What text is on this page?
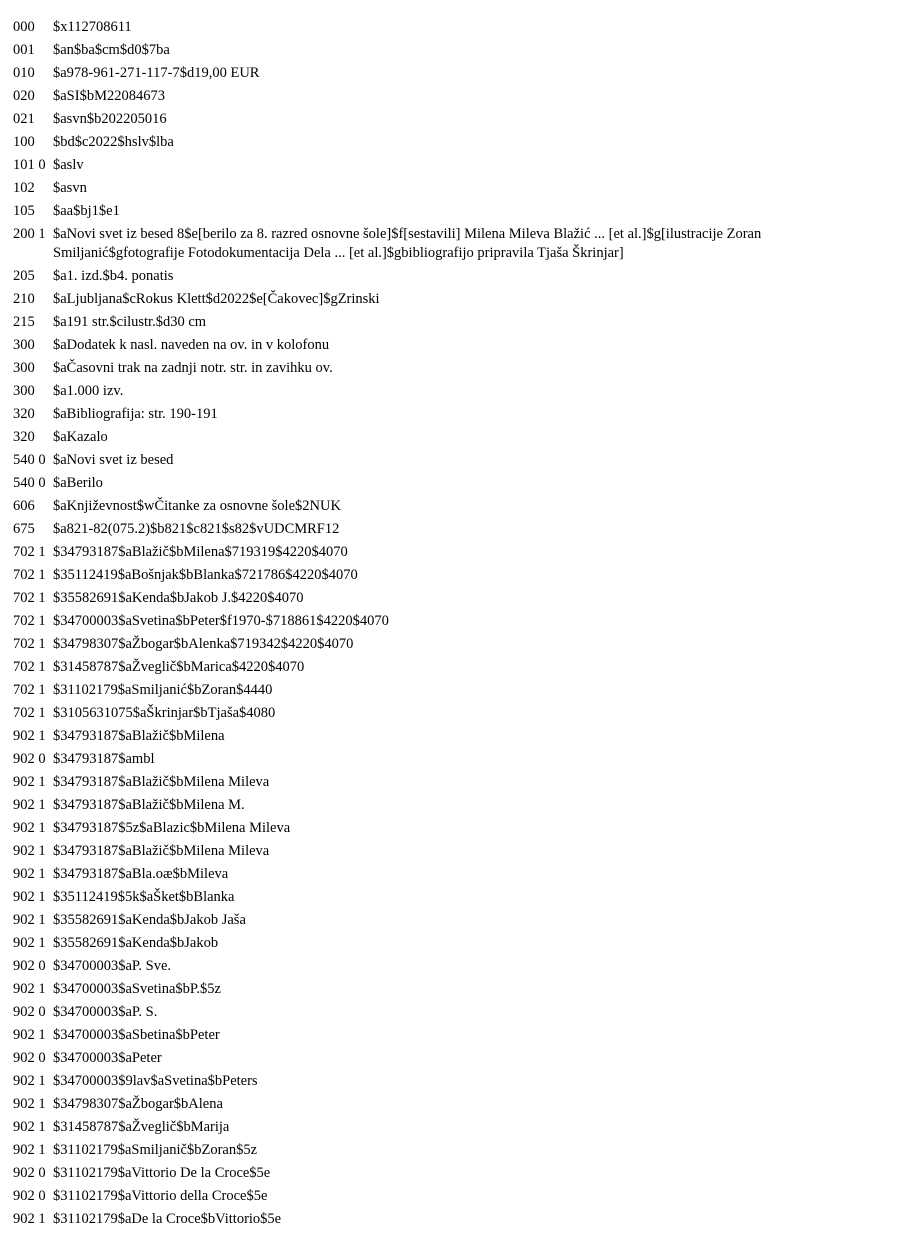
000	$x112708611
001	$an$ba$cm$d0$7ba
010	$a978-961-271-117-7$d19,00 EUR
020	$aSI$bM22084673
021	$asvn$b202205016
100	$bd$c2022$hslv$lba
101 0 $aslv
102	$asvn
105	$aa$bj1$e1
200 1 $aNovi svet iz besed 8$e[berilo za 8. razred osnovne šole]$f[sestavili] Milena Mileva Blažić ... [et al.]$g[ilustracije Zoran Smiljanić$gfotografije Fotodokumentacija Dela ... [et al.]$gbibliografijo pripravila Tjaša Škrinjar]
205	$a1. izd.$b4. ponatis
210	$aLjubljana$cRokus Klett$d2022$e[Čakovec]$gZrinski
215	$a191 str.$cilustr.$d30 cm
300	$aDodatek k nasl. naveden na ov. in v kolofonu
300	$aČasovni trak na zadnji notr. str. in zavihku ov.
300	$a1.000 izv.
320	$aBibliografija: str. 190-191
320	$aKazalo
540 0 $aNovi svet iz besed
540 0 $aBerilo
606	$aKnjiževnost$wČitanke za osnovne šole$2NUK
675	$a821-82(075.2)$b821$c821$s82$vUDCMRF12
702 1 $34793187$aBlažič$bMilena$719319$4220$4070
702 1 $35112419$aBošnjak$bBlanka$721786$4220$4070
702 1 $35582691$aKenda$bJakob J.$4220$4070
702 1 $34700003$aSvetina$bPeter$f1970-$718861$4220$4070
702 1 $34798307$aŽbogar$bAlenka$719342$4220$4070
702 1 $31458787$aŽveglič$bMarica$4220$4070
702 1 $31102179$aSmiljanić$bZoran$4440
702 1 $3105631075$aŠkrinjar$bTjaša$4080
902 1 $34793187$aBlažič$bMilena
902 0 $34793187$ambl
902 1 $34793187$aBlažič$bMilena Mileva
902 1 $34793187$aBlažič$bMilena M.
902 1 $34793187$5z$aBlazic$bMilena Mileva
902 1 $34793187$aBlažič$bMilena Mileva
902 1 $34793187$aBla.oæ$bMileva
902 1 $35112419$5k$aŠket$bBlanka
902 1 $35582691$aKenda$bJakob Jaša
902 1 $35582691$aKenda$bJakob
902 0 $34700003$aP. Sve.
902 1 $34700003$aSvetina$bP.$5z
902 0 $34700003$aP. S.
902 1 $34700003$aSbetina$bPeter
902 0 $34700003$aPeter
902 1 $34700003$9lav$aSvetina$bPeters
902 1 $34798307$aŽbogar$bAlena
902 1 $31458787$aŽveglič$bMarija
902 1 $31102179$aSmiljanič$bZoran$5z
902 0 $31102179$aVittorio De la Croce$5e
902 0 $31102179$aVittorio della Croce$5e
902 1 $31102179$aDe la Croce$bVittorio$5e
